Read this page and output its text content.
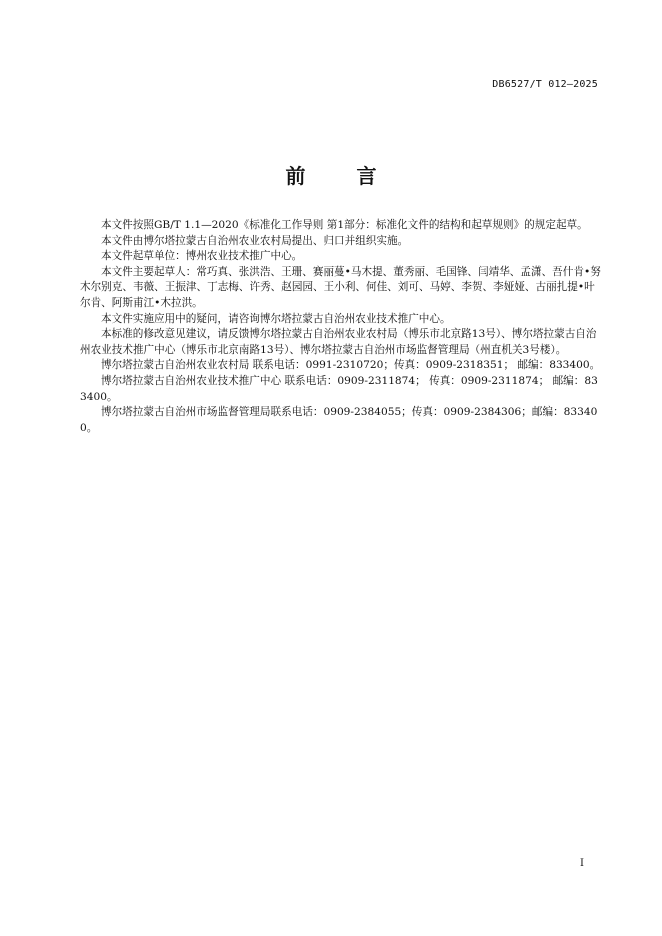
DB6527/T 012—2025
前 言

本文件按照GB/T 1.1—2020《标准化工作导则 第1部分：标准化文件的结构和起草规则》的规定起草。

本文件由博尔塔拉蒙古自治州农业农村局提出、归口并组织实施。

本文件起草单位：博州农业技术推广中心。

本文件主要起草人：常巧真、张洪浩、王珊、赛丽蔓•马木提、董秀丽、毛国锋、闫靖华、孟潇、吾什肯•努木尔别克、韦薇、王振津、丁志梅、许秀、赵园园、王小利、何佳、刘可、马婷、李贺、李娅娅、古丽扎提•叶尔肯、阿斯甫江•木拉洪。

本文件实施应用中的疑问，请咨询博尔塔拉蒙古自治州农业技术推广中心。

本标准的修改意见建议，请反馈博尔塔拉蒙古自治州农业农村局（博乐市北京路13号）、博尔塔拉蒙古自治州农业技术推广中心（博乐市北京南路13号）、博尔塔拉蒙古自治州市场监督管理局（州直机关3号楼）。

博尔塔拉蒙古自治州农业农村局 联系电话：0991-2310720；传真：0909-2318351； 邮编：833400。

博尔塔拉蒙古自治州农业技术推广中心 联系电话：0909-2311874； 传真：0909-2311874； 邮编：833400。

博尔塔拉蒙古自治州市场监督管理局联系电话：0909-2384055；传真：0909-2384306；邮编：833400。

I
